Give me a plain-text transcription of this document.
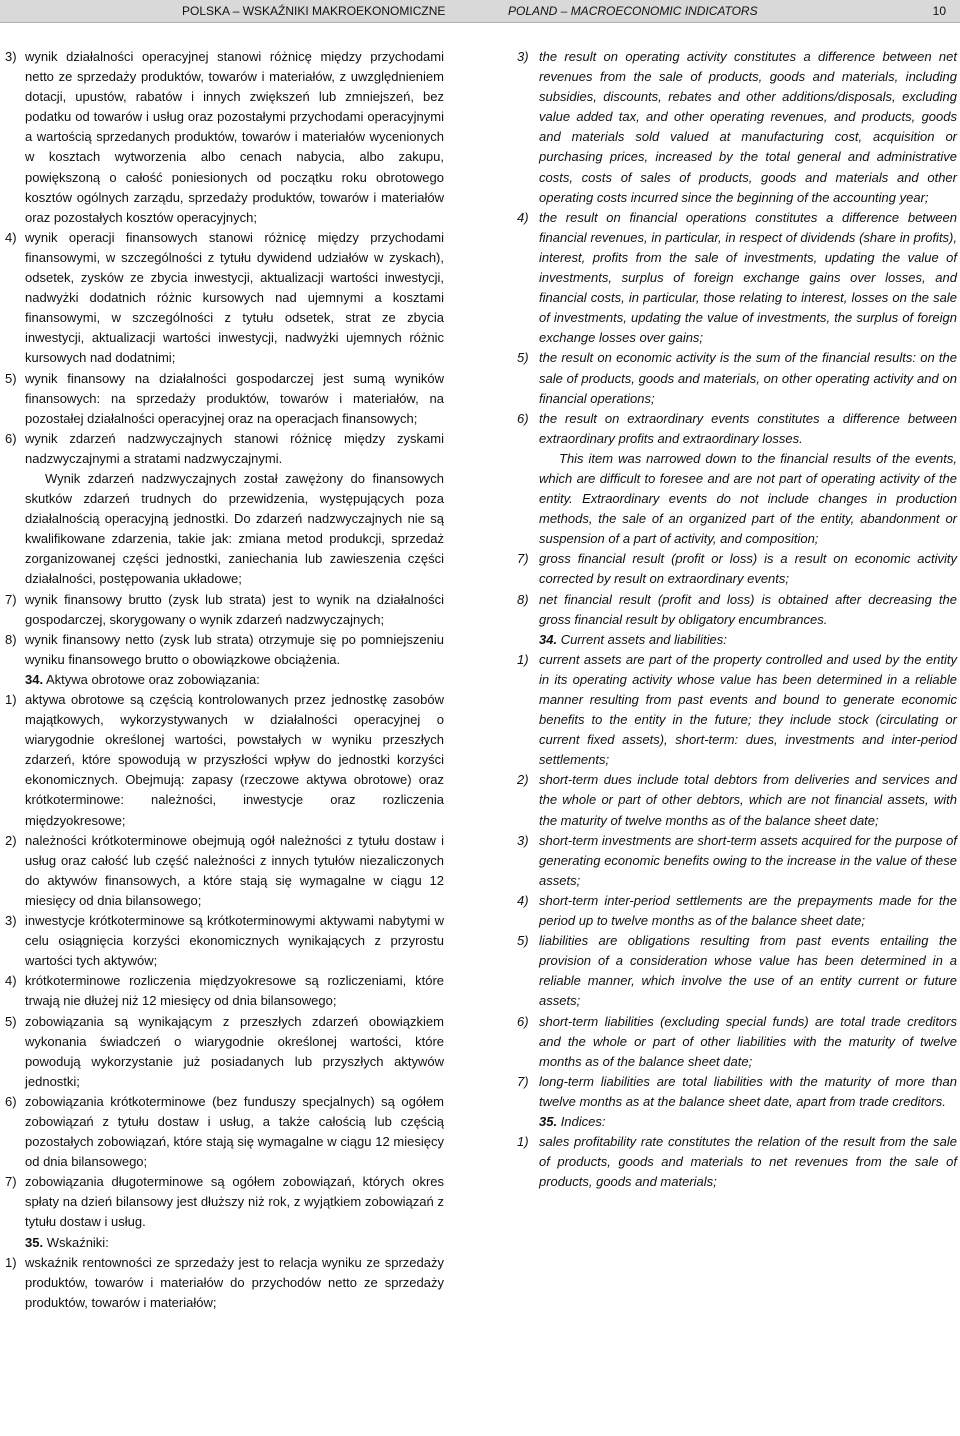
POLSKA – WSKAŹNIKI MAKROEKONOMICZNE	POLAND – MACROECONOMIC INDICATORS	10
3) wynik działalności operacyjnej stanowi różnicę między przychodami netto ze sprzedaży produktów, towarów i materiałów, z uwzględnieniem dotacji, upustów, rabatów i innych zwiększeń lub zmniejszeń, bez podatku od towarów i usług oraz pozostałymi przychodami operacyjnymi a wartością sprzedanych produktów, towarów i materiałów wycenionych w kosztach wytworzenia albo cenach nabycia, albo zakupu, powiększoną o całość poniesionych od początku roku obrotowego kosztów ogólnych zarządu, sprzedaży produktów, towarów i materiałów oraz pozostałych kosztów operacyjnych;
4) wynik operacji finansowych stanowi różnicę między przychodami finansowymi, w szczególności z tytułu dywidend udziałów w zyskach), odsetek, zysków ze zbycia inwestycji, aktualizacji wartości inwestycji, nadwyżki dodatnich różnic kursowych nad ujemnymi a kosztami finansowymi, w szczególności z tytułu odsetek, strat ze zbycia inwestycji, aktualizacji wartości inwestycji, nadwyżki ujemnych różnic kursowych nad dodatnimi;
5) wynik finansowy na działalności gospodarczej jest sumą wyników finansowych: na sprzedaży produktów, towarów i materiałów, na pozostałej działalności operacyjnej oraz na operacjach finansowych;
6) wynik zdarzeń nadzwyczajnych stanowi różnicę między zyskami nadzwyczajnymi a stratami nadzwyczajnymi.
Wynik zdarzeń nadzwyczajnych został zawężony do finansowych skutków zdarzeń trudnych do przewidzenia, występujących poza działalnością operacyjną jednostki. Do zdarzeń nadzwyczajnych nie są kwalifikowane zdarzenia, takie jak: zmiana metod produkcji, sprzedaż zorganizowanej części jednostki, zaniechania lub zawieszenia części działalności, postępowania układowe;
7) wynik finansowy brutto (zysk lub strata) jest to wynik na działalności gospodarczej, skorygowany o wynik zdarzeń nadzwyczajnych;
8) wynik finansowy netto (zysk lub strata) otrzymuje się po pomniejszeniu wyniku finansowego brutto o obowiązkowe obciążenia.
34. Aktywa obrotowe oraz zobowiązania:
1) aktywa obrotowe są częścią kontrolowanych przez jednostkę zasobów majątkowych, wykorzystywanych w działalności operacyjnej o wiarygodnie określonej wartości, powstałych w wyniku przeszłych zdarzeń, które spowodują w przyszłości wpływ do jednostki korzyści ekonomicznych. Obejmują: zapasy (rzeczowe aktywa obrotowe) oraz krótkoterminowe: należności, inwestycje oraz rozliczenia międzyokresowe;
2) należności krótkoterminowe obejmują ogół należności z tytułu dostaw i usług oraz całość lub część należności z innych tytułów niezaliczonych do aktywów finansowych, a które stają się wymagalne w ciągu 12 miesięcy od dnia bilansowego;
3) inwestycje krótkoterminowe są krótkoterminowymi aktywami nabytymi w celu osiągnięcia korzyści ekonomicznych wynikających z przyrostu wartości tych aktywów;
4) krótkoterminowe rozliczenia międzyokresowe są rozliczeniami, które trwają nie dłużej niż 12 miesięcy od dnia bilansowego;
5) zobowiązania są wynikającym z przeszłych zdarzeń obowiązkiem wykonania świadczeń o wiarygodnie określonej wartości, które powodują wykorzystanie już posiadanych lub przyszłych aktywów jednostki;
6) zobowiązania krótkoterminowe (bez funduszy specjalnych) są ogółem zobowiązań z tytułu dostaw i usług, a także całością lub częścią pozostałych zobowiązań, które stają się wymagalne w ciągu 12 miesięcy od dnia bilansowego;
7) zobowiązania długoterminowe są ogółem zobowiązań, których okres spłaty na dzień bilansowy jest dłuższy niż rok, z wyjątkiem zobowiązań z tytułu dostaw i usług.
35. Wskaźniki:
1) wskaźnik rentowności ze sprzedaży jest to relacja wyniku ze sprzedaży produktów, towarów i materiałów do przychodów netto ze sprzedaży produktów, towarów i materiałów;
3) the result on operating activity constitutes a difference between net revenues from the sale of products, goods and materials, including subsidies, discounts, rebates and other additions/disposals, excluding value added tax, and other operating revenues, and products, goods and materials sold valued at manufacturing cost, acquisition or purchasing prices, increased by the total general and administrative costs, costs of sales of products, goods and materials and other operating costs incurred since the beginning of the accounting year;
4) the result on financial operations constitutes a difference between financial revenues, in particular, in respect of dividends (share in profits), interest, profits from the sale of investments, updating the value of investments, surplus of foreign exchange gains over losses, and financial costs, in particular, those relating to interest, losses on the sale of investments, updating the value of investments, the surplus of foreign exchange losses over gains;
5) the result on economic activity is the sum of the financial results: on the sale of products, goods and materials, on other operating activity and on financial operations;
6) the result on extraordinary events constitutes a difference between extraordinary profits and extraordinary losses.
This item was narrowed down to the financial results of the events, which are difficult to foresee and are not part of operating activity of the entity. Extraordinary events do not include changes in production methods, the sale of an organized part of the entity, abandonment or suspension of a part of activity, and composition;
7) gross financial result (profit or loss) is a result on economic activity corrected by result on extraordinary events;
8) net financial result (profit and loss) is obtained after decreasing the gross financial result by obligatory encumbrances.
34. Current assets and liabilities:
1) current assets are part of the property controlled and used by the entity in its operating activity whose value has been determined in a reliable manner resulting from past events and bound to generate economic benefits to the entity in the future; they include stock (circulating or current fixed assets), short-term: dues, investments and inter-period settlements;
2) short-term dues include total debtors from deliveries and services and the whole or part of other debtors, which are not financial assets, with the maturity of twelve months as of the balance sheet date;
3) short-term investments are short-term assets acquired for the purpose of generating economic benefits owing to the increase in the value of these assets;
4) short-term inter-period settlements are the prepayments made for the period up to twelve months as of the balance sheet date;
5) liabilities are obligations resulting from past events entailing the provision of a consideration whose value has been determined in a reliable manner, which involve the use of an entity current or future assets;
6) short-term liabilities (excluding special funds) are total trade creditors and the whole or part of other liabilities with the maturity of twelve months as of the balance sheet date;
7) long-term liabilities are total liabilities with the maturity of more than twelve months as at the balance sheet date, apart from trade creditors.
35. Indices:
1) sales profitability rate constitutes the relation of the result from the sale of products, goods and materials to net revenues from the sale of products, goods and materials;
